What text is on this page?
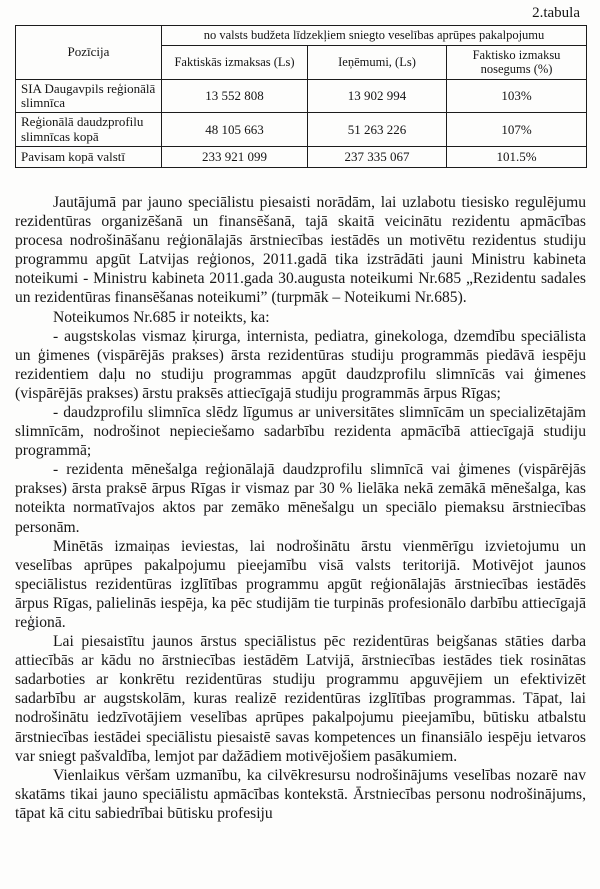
2.tabula
Pozīcija	no valsts budžeta līdzekļiem sniegto veselības aprūpes pakalpojumu		
	Faktiskās izmaksas (Ls)	Ieņēmumi, (Ls)	Faktisko izmaksu nosegums (%)
SIA Daugavpils reģionālā slimnīca	13 552 808	13 902 994	103%
Reģionālā daudzprofilu slimnīcas kopā	48 105 663	51 263 226	107%
Pavisam kopā valstī	233 921 099	237 335 067	101.5%

Jautājumā par jauno speciālistu piesaisti norādām, lai uzlabotu tiesisko regulējumu rezidentūras organizēšanā un finansēšanā, tajā skaitā veicinātu rezidentu apmācības procesa nodrošināšanu reģionālajās ārstniecības iestādēs un motivētu rezidentus studiju programmu apgūt Latvijas reģionos, 2011.gadā tika izstrādāti jauni Ministru kabineta noteikumi - Ministru kabineta 2011.gada 30.augusta noteikumi Nr.685 „Rezidentu sadales un rezidentūras finansēšanas noteikumi” (turpmāk – Noteikumi Nr.685).

Noteikumos Nr.685 ir noteikts, ka:

- augstskolas vismaz ķirurga, internista, pediatra, ginekologa, dzemdību speciālista un ģimenes (vispārējās prakses) ārsta rezidentūras studiju programmās piedāvā iespēju rezidentiem daļu no studiju programmas apgūt daudzprofilu slimnīcās vai ģimenes (vispārējās prakses) ārstu praksēs attiecīgajā studiju programmās ārpus Rīgas;

- daudzprofilu slimnīca slēdz līgumus ar universitātes slimnīcām un specializētajām slimnīcām, nodrošinot nepieciešamo sadarbību rezidenta apmācībā attiecīgajā studiju programmā;

- rezidenta mēnešalga reģionālajā daudzprofilu slimnīcā vai ģimenes (vispārējās prakses) ārsta praksē ārpus Rīgas ir vismaz par 30 % lielāka nekā zemākā mēnešalga, kas noteikta normatīvajos aktos par zemāko mēnešalgu un speciālo piemaksu ārstniecības personām.

Minētās izmaiņas ieviestas, lai nodrošinātu ārstu vienmērīgu izvietojumu un veselības aprūpes pakalpojumu pieejamību visā valsts teritorijā. Motivējot jaunos speciālistus rezidentūras izglītības programmu apgūt reģionālajās ārstniecības iestādēs ārpus Rīgas, palielinās iespēja, ka pēc studijām tie turpinās profesionālo darbību attiecīgajā reģionā.

Lai piesaistītu jaunos ārstus speciālistus pēc rezidentūras beigšanas stāties darba attiecībās ar kādu no ārstniecības iestādēm Latvijā, ārstniecības iestādes tiek rosinātas sadarboties ar konkrētu rezidentūras studiju programmu apguvējiem un efektivizēt sadarbību ar augstskolām, kuras realizē rezidentūras izglītības programmas. Tāpat, lai nodrošinātu iedzīvotājiem veselības aprūpes pakalpojumu pieejamību, būtisku atbalstu ārstniecības iestādei speciālistu piesaistē savas kompetences un finansiālo iespēju ietvaros var sniegt pašvaldība, lemjot par dažādiem motivējošiem pasākumiem.

Vienlaikus vēršam uzmanību, ka cilvēkresursu nodrošinājums veselības nozarē nav skatāms tikai jauno speciālistu apmācības kontekstā. Ārstniecības personu nodrošinājums, tāpat kā citu sabiedrībai būtisku profesiju
